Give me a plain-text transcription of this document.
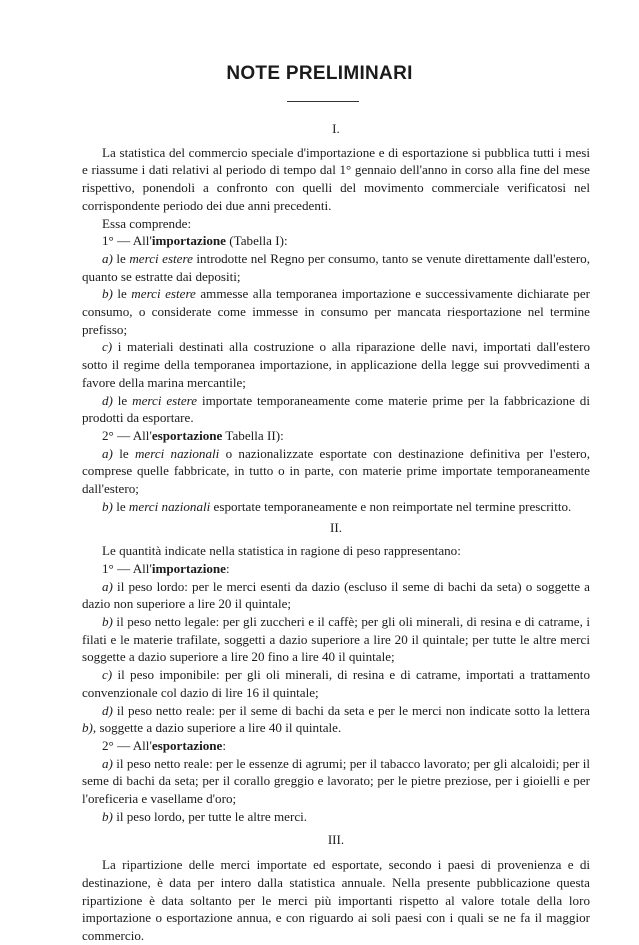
NOTE PRELIMINARI
I.

La statistica del commercio speciale d'importazione e di esportazione si pubblica tutti i mesi e riassume i dati relativi al periodo di tempo dal 1° gennaio dell'anno in corso alla fine del mese rispettivo, ponendoli a confronto con quelli del movimento commerciale verificatosi nel corrispondente periodo dei due anni precedenti.

Essa comprende:

1° — All'importazione (Tabella I):

a) le merci estere introdotte nel Regno per consumo, tanto se venute direttamente dall'estero, quanto se estratte dai depositi;

b) le merci estere ammesse alla temporanea importazione e successivamente dichiarate per consumo, o considerate come immesse in consumo per mancata riesportazione nel termine prefisso;

c) i materiali destinati alla costruzione o alla riparazione delle navi, importati dall'estero sotto il regime della temporanea importazione, in applicazione della legge sui provvedimenti a favore della marina mercantile;

d) le merci estere importate temporaneamente come materie prime per la fabbricazione di prodotti da esportare.

2° — All'esportazione Tabella II):

a) le merci nazionali o nazionalizzate esportate con destinazione definitiva per l'estero, comprese quelle fabbricate, in tutto o in parte, con materie prime importate temporaneamente dall'estero;

b) le merci nazionali esportate temporaneamente e non reimportate nel termine prescritto.

II.

Le quantità indicate nella statistica in ragione di peso rappresentano:

1° — All'importazione:

a) il peso lordo: per le merci esenti da dazio (escluso il seme di bachi da seta) o soggette a dazio non superiore a lire 20 il quintale;

b) il peso netto legale: per gli zuccheri e il caffè; per gli oli minerali, di resina e di catrame, i filati e le materie trafilate, soggetti a dazio superiore a lire 20 il quintale; per tutte le altre merci soggette a dazio superiore a lire 20 fino a lire 40 il quintale;

c) il peso imponibile: per gli oli minerali, di resina e di catrame, importati a trattamento convenzionale col dazio di lire 16 il quintale;

d) il peso netto reale: per il seme di bachi da seta e per le merci non indicate sotto la lettera b), soggette a dazio superiore a lire 40 il quintale.

2° — All'esportazione:

a) il peso netto reale: per le essenze di agrumi; per il tabacco lavorato; per gli alcaloidi; per il seme di bachi da seta; per il corallo greggio e lavorato; per le pietre preziose, per i gioielli e per l'oreficeria e vasellame d'oro;

b) il peso lordo, per tutte le altre merci.

III.

La ripartizione delle merci importate ed esportate, secondo i paesi di provenienza e di destinazione, è data per intero dalla statistica annuale. Nella presente pubblicazione questa ripartizione è data soltanto per le merci più importanti rispetto al valore totale della loro importazione o esportazione annua, e con riguardo ai soli paesi con i quali se ne fa il maggior commercio.
